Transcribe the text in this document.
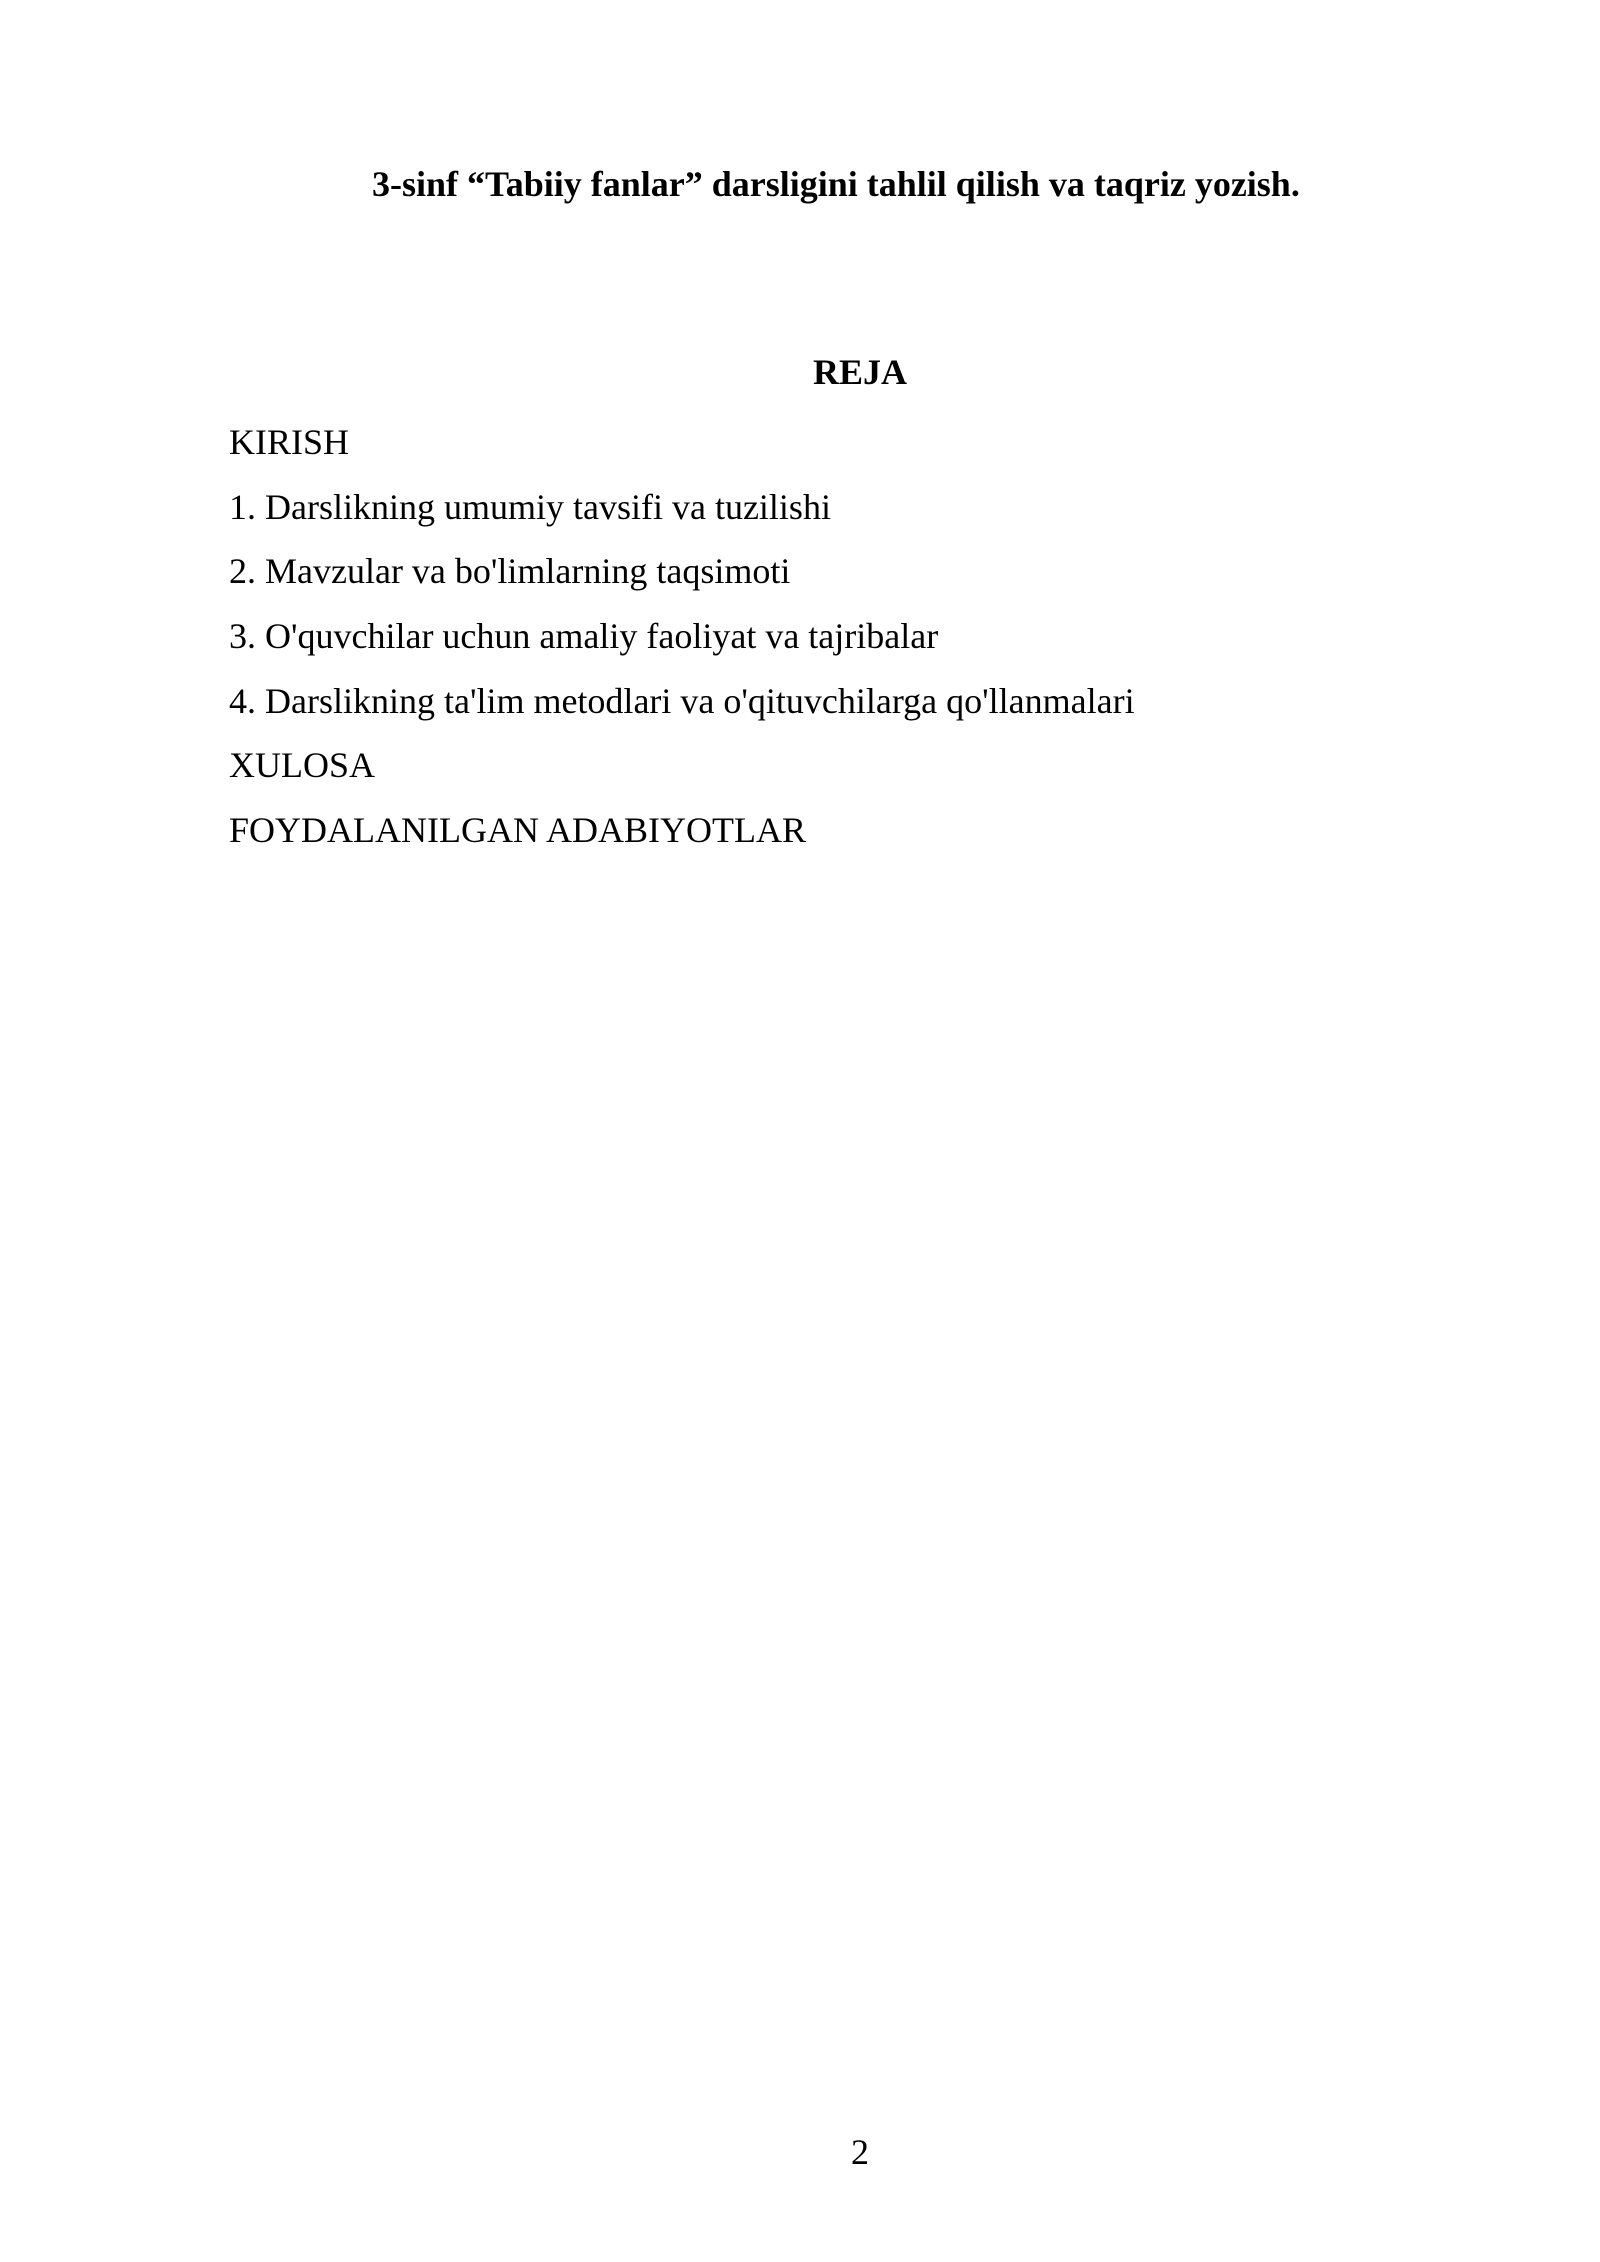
3-sinf “Tabiiy fanlar” darsligini tahlil qilish va taqriz yozish.
REJA
KIRISH
1. Darslikning umumiy tavsifi va tuzilishi
2. Mavzular va bo'limlarning taqsimoti
3. O'quvchilar uchun amaliy faoliyat va tajribalar
4. Darslikning ta'lim metodlari va o'qituvchilarga qo'llanmalari
XULOSA
FOYDALANILGAN ADABIYOTLAR
2
